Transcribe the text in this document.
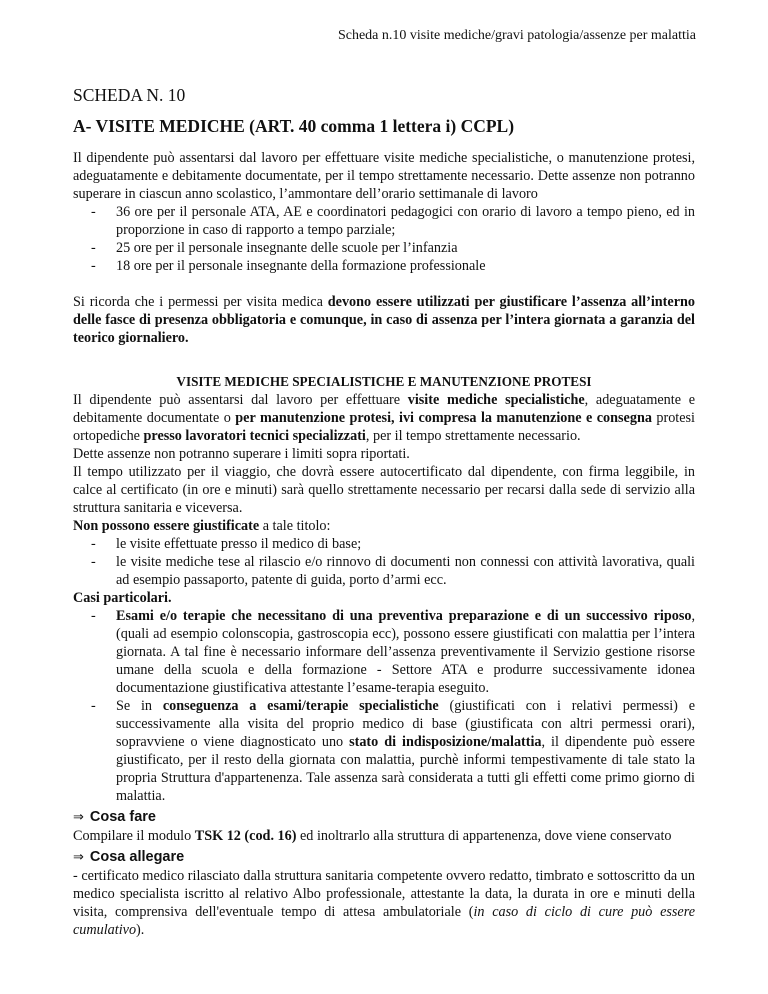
Scheda n.10 visite mediche/gravi patologia/assenze per malattia
SCHEDA N. 10
A- VISITE MEDICHE (ART. 40 comma 1 lettera i) CCPL)

Il dipendente può assentarsi dal lavoro per effettuare visite mediche specialistiche, o manutenzione protesi, adeguatamente e debitamente documentate, per il tempo strettamente necessario. Dette assenze non potranno superare in ciascun anno scolastico, l’ammontare dell’orario settimanale di lavoro

- 36 ore per il personale ATA, AE e coordinatori pedagogici con orario di lavoro a tempo pieno, ed in proporzione in caso di rapporto a tempo parziale;
- 25 ore per il personale insegnante delle scuole per l’infanzia
- 18 ore per il personale insegnante della formazione professionale

Si ricorda che i permessi per visita medica devono essere utilizzati per giustificare l’assenza all’interno delle fasce di presenza obbligatoria e comunque, in caso di assenza per l’intera giornata a garanzia del teorico giornaliero.

VISITE MEDICHE SPECIALISTICHE E MANUTENZIONE PROTESI

Il dipendente può assentarsi dal lavoro per effettuare visite mediche specialistiche, adeguatamente e debitamente documentate o per manutenzione protesi, ivi compresa la manutenzione e consegna protesi ortopediche presso lavoratori tecnici specializzati, per il tempo strettamente necessario.

Dette assenze non potranno superare i limiti sopra riportati.

Il tempo utilizzato per il viaggio, che dovrà essere autocertificato dal dipendente, con firma leggibile, in calce al certificato (in ore e minuti) sarà quello strettamente necessario per recarsi dalla sede di servizio alla struttura sanitaria e viceversa.

Non possono essere giustificate a tale titolo:

- le visite effettuate presso il medico di base;
- le visite mediche tese al rilascio e/o rinnovo di documenti non connessi con attività lavorativa, quali ad esempio passaporto, patente di guida, porto d’armi ecc.

Casi particolari.

- Esami e/o terapie che necessitano di una preventiva preparazione e di un successivo riposo, (quali ad esempio colonscopia, gastroscopia ecc), possono essere giustificati con malattia per l’intera giornata. A tal fine è necessario informare dell’assenza preventivamente il Servizio gestione risorse umane della scuola e della formazione - Settore ATA e produrre successivamente idonea documentazione giustificativa attestante l’esame-terapia eseguito.
- Se in conseguenza a esami/terapie specialistiche (giustificati con i relativi permessi) e successivamente alla visita del proprio medico di base (giustificata con altri permessi orari), sopravviene o viene diagnosticato uno stato di indisposizione/malattia, il dipendente può essere giustificato, per il resto della giornata con malattia, purchè informi tempestivamente di tale stato la propria Struttura d'appartenenza. Tale assenza sarà considerata a tutti gli effetti come primo giorno di malattia.
⇒ Cosa fare

Compilare il modulo TSK 12 (cod. 16) ed inoltrarlo alla struttura di appartenenza, dove viene conservato

⇒ Cosa allegare

- certificato medico rilasciato dalla struttura sanitaria competente ovvero redatto, timbrato e sottoscritto da un medico specialista iscritto al relativo Albo professionale, attestante la data, la durata in ore e minuti della visita, comprensiva dell'eventuale tempo di attesa ambulatoriale (in caso di ciclo di cure può essere cumulativo).
